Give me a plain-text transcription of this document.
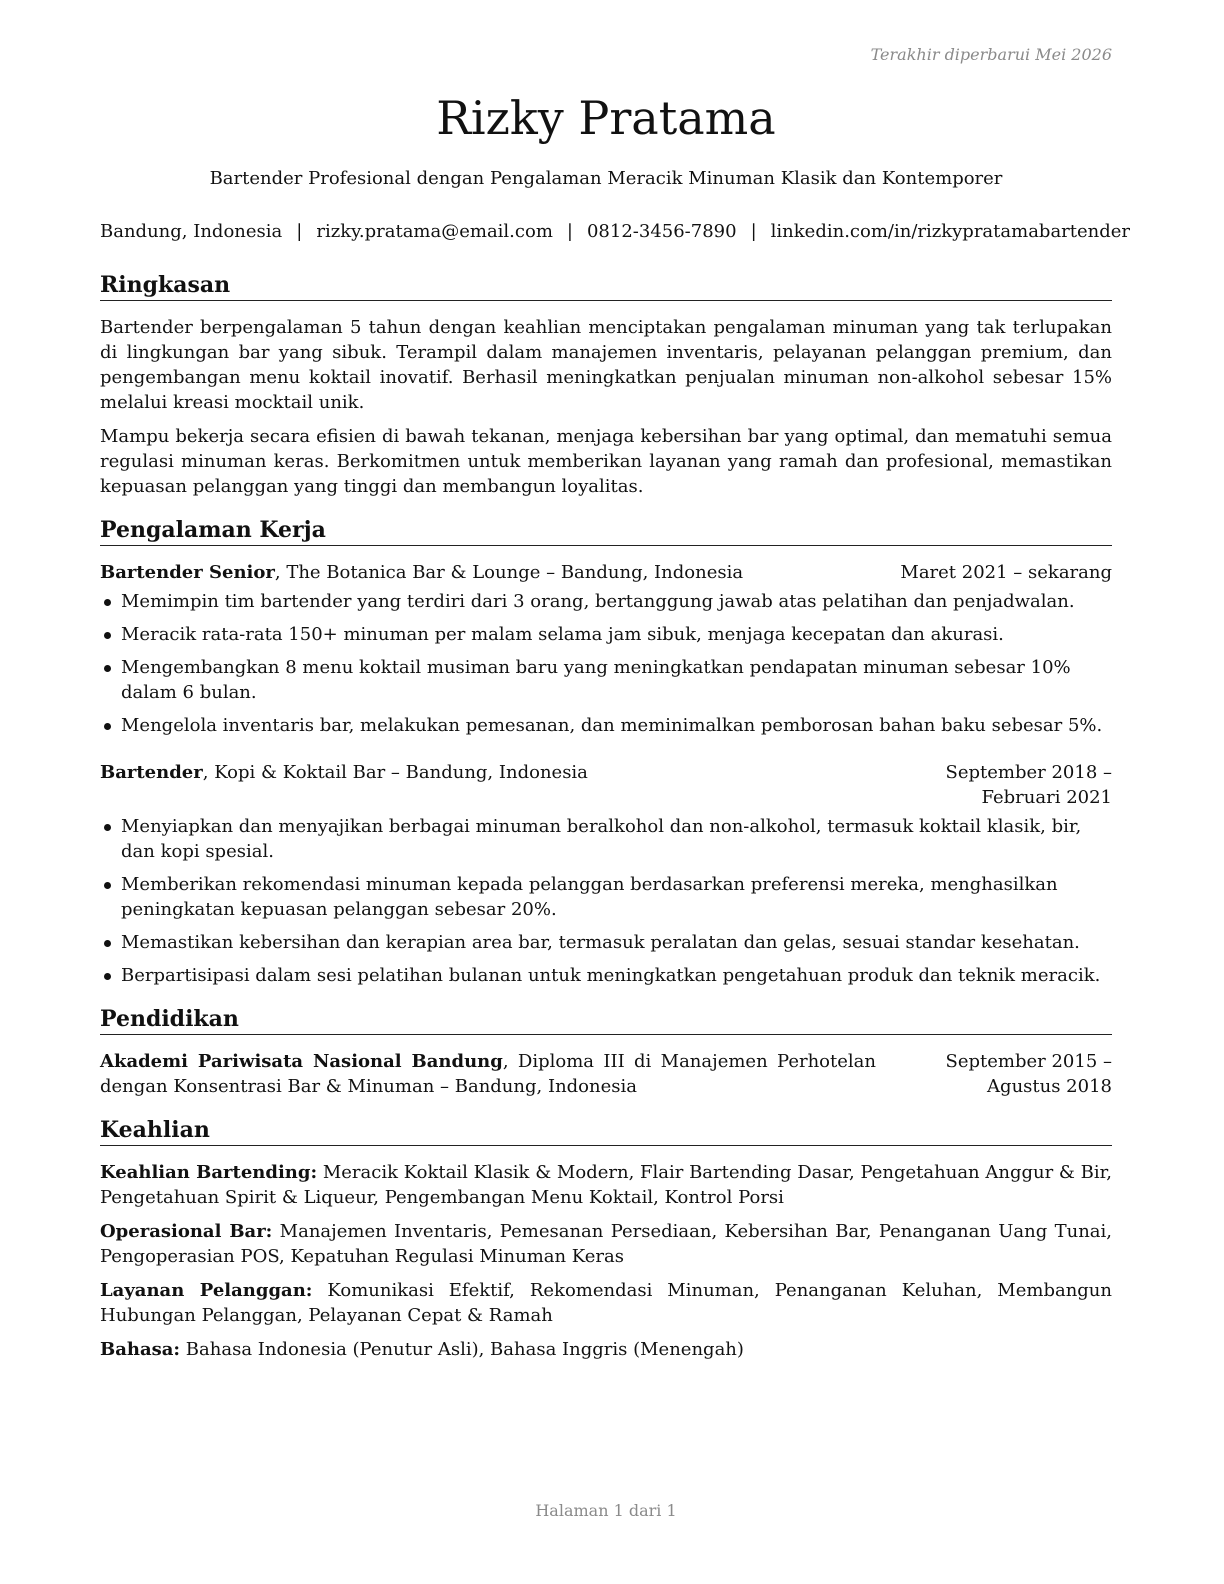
Terakhir diperbarui Mei 2026
Rizky Pratama
Bartender Profesional dengan Pengalaman Meracik Minuman Klasik dan Kontemporer
Bandung, Indonesia | rizky.pratama@email.com | 0812-3456-7890 | linkedin.com/in/rizkypratamabartender
Ringkasan

Bartender berpengalaman 5 tahun dengan keahlian menciptakan pengalaman minuman yang tak terlupakan di lingkungan bar yang sibuk. Terampil dalam manajemen inventaris, pelayanan pelanggan premium, dan pengembangan menu koktail inovatif. Berhasil meningkatkan penjualan minuman non-alkohol sebesar 15% melalui kreasi mocktail unik.

Mampu bekerja secara efisien di bawah tekanan, menjaga kebersihan bar yang optimal, dan mematuhi semua regulasi minuman keras. Berkomitmen untuk memberikan layanan yang ramah dan profesional, memastikan kepuasan pelanggan yang tinggi dan membangun loyalitas.

Pengalaman Kerja
Bartender Senior, The Botanica Bar & Lounge – Bandung, Indonesia	Maret 2021 – sekarang
Memimpin tim bartender yang terdiri dari 3 orang, bertanggung jawab atas pelatihan dan penjadwalan.
Meracik rata-rata 150+ minuman per malam selama jam sibuk, menjaga kecepatan dan akurasi.
Mengembangkan 8 menu koktail musiman baru yang meningkatkan pendapatan minuman sebesar 10% dalam 6 bulan.
Mengelola inventaris bar, melakukan pemesanan, dan meminimalkan pemborosan bahan baku sebesar 5%.
Bartender, Kopi & Koktail Bar – Bandung, Indonesia	September 2018 – Februari 2021
Menyiapkan dan menyajikan berbagai minuman beralkohol dan non-alkohol, termasuk koktail klasik, bir, dan kopi spesial.
Memberikan rekomendasi minuman kepada pelanggan berdasarkan preferensi mereka, menghasilkan peningkatan kepuasan pelanggan sebesar 20%.
Memastikan kebersihan dan kerapian area bar, termasuk peralatan dan gelas, sesuai standar kesehatan.
Berpartisipasi dalam sesi pelatihan bulanan untuk meningkatkan pengetahuan produk dan teknik meracik.
Pendidikan
Akademi Pariwisata Nasional Bandung, Diploma III di Manajemen Perhotelan dengan Konsentrasi Bar & Minuman – Bandung, Indonesia
September 2015 – Agustus 2018
Keahlian

Keahlian Bartending: Meracik Koktail Klasik & Modern, Flair Bartending Dasar, Pengetahuan Anggur & Bir, Pengetahuan Spirit & Liqueur, Pengembangan Menu Koktail, Kontrol Porsi

Operasional Bar: Manajemen Inventaris, Pemesanan Persediaan, Kebersihan Bar, Penanganan Uang Tunai, Pengoperasian POS, Kepatuhan Regulasi Minuman Keras

Layanan Pelanggan: Komunikasi Efektif, Rekomendasi Minuman, Penanganan Keluhan, Membangun Hubungan Pelanggan, Pelayanan Cepat & Ramah

Bahasa: Bahasa Indonesia (Penutur Asli), Bahasa Inggris (Menengah)

Halaman 1 dari 1
